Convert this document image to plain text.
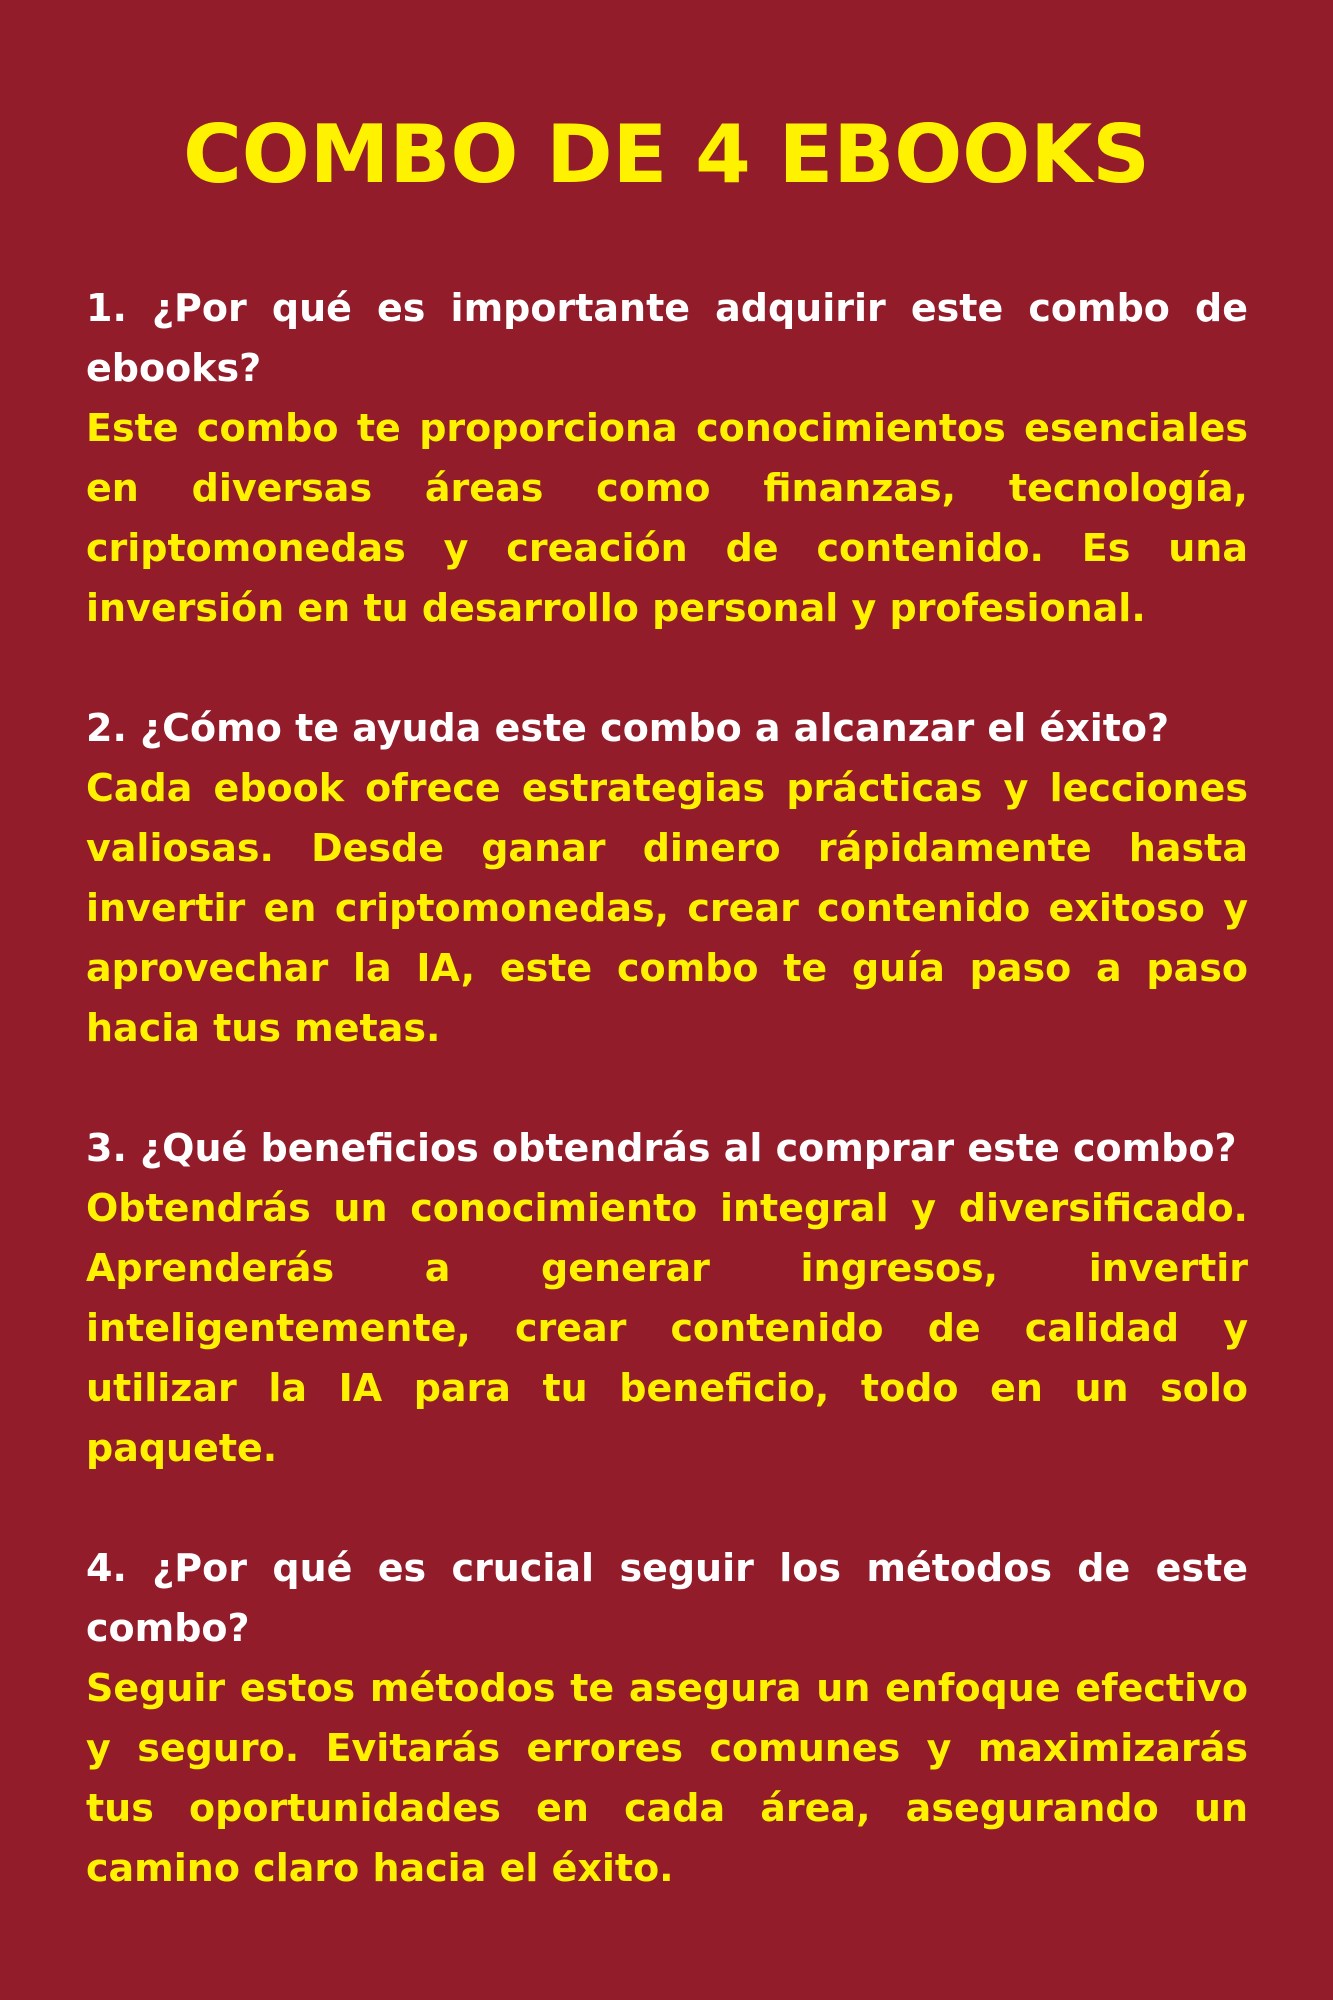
COMBO DE 4 EBOOKS

1. ¿Por qué es importante adquirir este combo de ebooks?

Este combo te proporciona conocimientos esenciales en diversas áreas como finanzas, tecnología, criptomonedas y creación de contenido. Es una inversión en tu desarrollo personal y profesional.

2. ¿Cómo te ayuda este combo a alcanzar el éxito?

Cada ebook ofrece estrategias prácticas y lecciones valiosas. Desde ganar dinero rápidamente hasta invertir en criptomonedas, crear contenido exitoso y aprovechar la IA, este combo te guía paso a paso hacia tus metas.

3. ¿Qué beneficios obtendrás al comprar este combo?

Obtendrás un conocimiento integral y diversificado. Aprenderás a generar ingresos, invertir inteligentemente, crear contenido de calidad y utilizar la IA para tu beneficio, todo en un solo paquete.

4. ¿Por qué es crucial seguir los métodos de este combo?

Seguir estos métodos te asegura un enfoque efectivo y seguro. Evitarás errores comunes y maximizarás tus oportunidades en cada área, asegurando un camino claro hacia el éxito.
